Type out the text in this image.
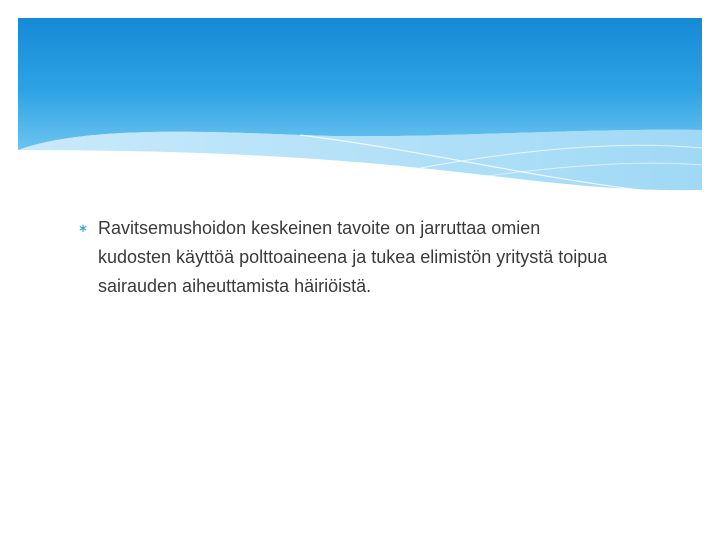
∗ Ravitsemushoidon keskeinen tavoite on jarruttaa omien kudosten käyttöä polttoaineena ja tukea elimistön yritystä toipua sairauden aiheuttamista häiriöistä.
